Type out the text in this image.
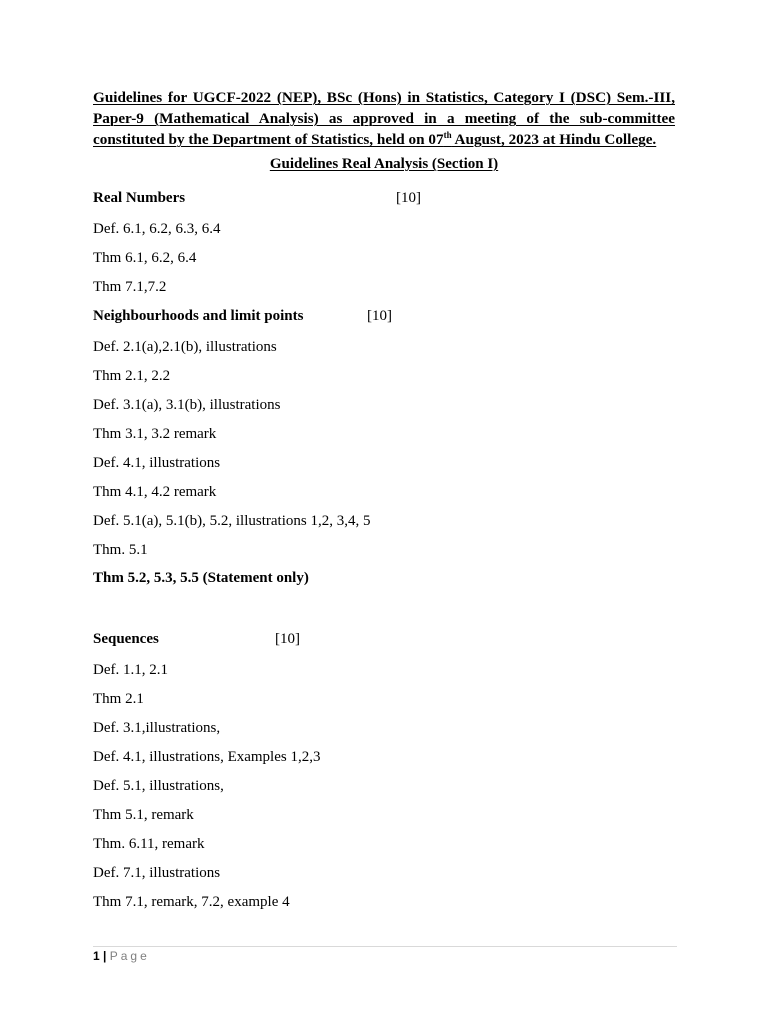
Guidelines for UGCF-2022 (NEP), BSc (Hons) in Statistics, Category I (DSC) Sem.-III,
Paper-9 (Mathematical Analysis) as approved in a meeting of the sub-committee
constituted by the Department of Statistics, held on 07th August, 2023 at Hindu College.
Guidelines Real Analysis (Section I)
Real Numbers	[10]
Def. 6.1, 6.2, 6.3, 6.4
Thm 6.1, 6.2, 6.4
Thm 7.1,7.2
Neighbourhoods and limit points	[10]
Def. 2.1(a),2.1(b), illustrations
Thm 2.1, 2.2
Def. 3.1(a), 3.1(b), illustrations
Thm 3.1, 3.2 remark
Def. 4.1, illustrations
Thm 4.1, 4.2 remark
Def. 5.1(a), 5.1(b), 5.2, illustrations 1,2, 3,4, 5
Thm. 5.1
Thm 5.2, 5.3, 5.5 (Statement only)
Sequences	[10]
Def. 1.1, 2.1
Thm 2.1
Def. 3.1,illustrations,
Def. 4.1, illustrations, Examples 1,2,3
Def. 5.1, illustrations,
Thm 5.1, remark
Thm. 6.11, remark
Def. 7.1, illustrations
Thm 7.1, remark, 7.2, example 4
1 | Page
